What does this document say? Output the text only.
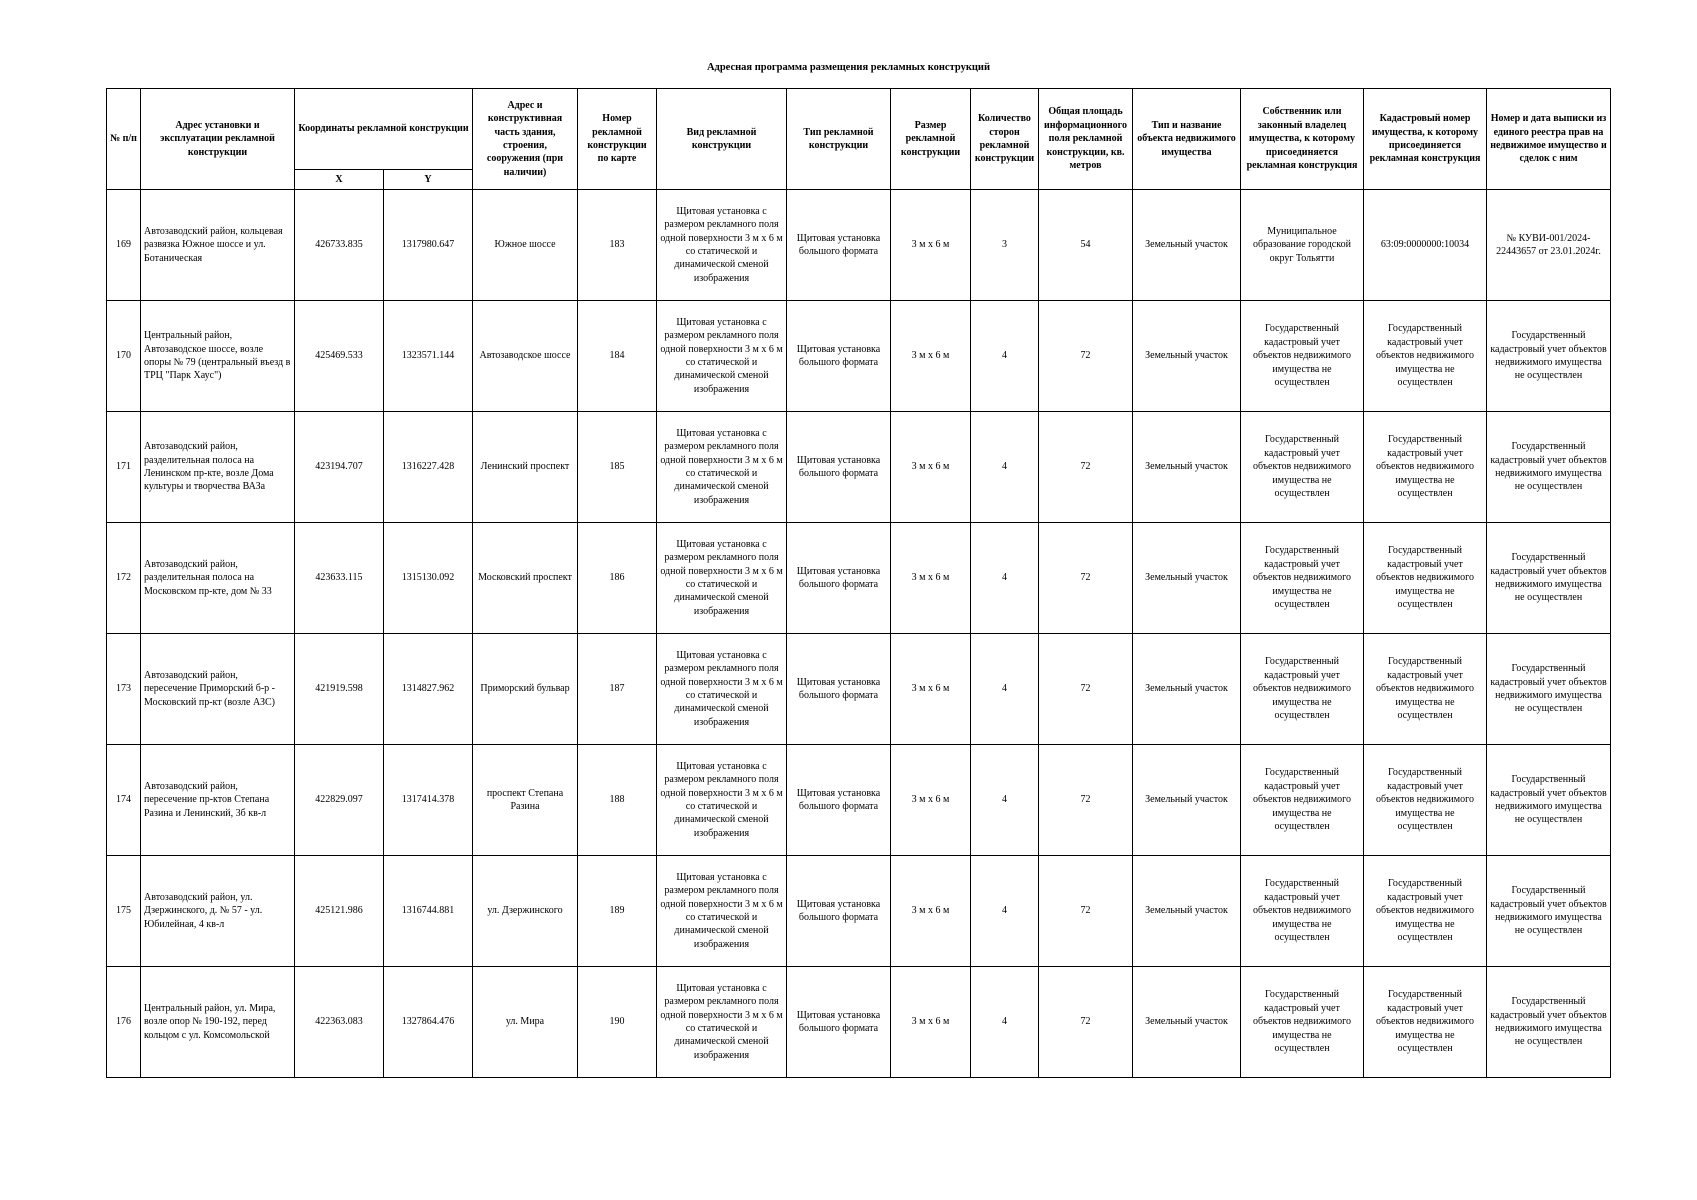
Адресная программа размещения рекламных конструкций
№ п/п	Адрес установки и эксплуатации рекламной конструкции	Координаты рекламной конструкции		Адрес и конструктивная часть здания, строения, сооружения (при наличии)	Номер рекламной конструкции по карте	Вид рекламной конструкции	Тип рекламной конструкции	Размер рекламной конструкции	Количество сторон рекламной конструкции	Общая площадь информационного поля рекламной конструкции, кв. метров	Тип и название объекта недвижимого имущества	Собственник или законный владелец имущества, к которому присоединяется рекламная конструкция	Кадастровый номер имущества, к которому присоединяется рекламная конструкция	Номер и дата выписки из единого реестра прав на недвижимое имущество и сделок с ним
		X	Y											
169	Автозаводский район, кольцевая развязка Южное шоссе и ул. Ботаническая	426733.835	1317980.647	Южное шоссе	183	Щитовая установка с размером рекламного поля одной поверхности 3 м х 6 м со статической и динамической сменой изображения	Щитовая установка большого формата	3 м х 6 м	3	54	Земельный участок	Муниципальное образование городской округ Тольятти	63:09:0000000:10034	№ КУВИ-001/2024-22443657 от 23.01.2024г.
170	Центральный район, Автозаводское шоссе, возле опоры № 79 (центральный въезд в ТРЦ "Парк Хаус")	425469.533	1323571.144	Автозаводское шоссе	184	Щитовая установка с размером рекламного поля одной поверхности 3 м х 6 м со статической и динамической сменой изображения	Щитовая установка большого формата	3 м х 6 м	4	72	Земельный участок	Государственный кадастровый учет объектов недвижимого имущества не осуществлен	Государственный кадастровый учет объектов недвижимого имущества не осуществлен	Государственный кадастровый учет объектов недвижимого имущества не осуществлен
171	Автозаводский район, разделительная полоса на Ленинском пр-кте, возле Дома культуры и творчества ВАЗа	423194.707	1316227.428	Ленинский проспект	185	Щитовая установка с размером рекламного поля одной поверхности 3 м х 6 м со статической и динамической сменой изображения	Щитовая установка большого формата	3 м х 6 м	4	72	Земельный участок	Государственный кадастровый учет объектов недвижимого имущества не осуществлен	Государственный кадастровый учет объектов недвижимого имущества не осуществлен	Государственный кадастровый учет объектов недвижимого имущества не осуществлен
172	Автозаводский район, разделительная полоса на Московском пр-кте, дом № 33	423633.115	1315130.092	Московский проспект	186	Щитовая установка с размером рекламного поля одной поверхности 3 м х 6 м со статической и динамической сменой изображения	Щитовая установка большого формата	3 м х 6 м	4	72	Земельный участок	Государственный кадастровый учет объектов недвижимого имущества не осуществлен	Государственный кадастровый учет объектов недвижимого имущества не осуществлен	Государственный кадастровый учет объектов недвижимого имущества не осуществлен
173	Автозаводский район, пересечение Приморский б-р - Московский пр-кт (возле АЗС)	421919.598	1314827.962	Приморский бульвар	187	Щитовая установка с размером рекламного поля одной поверхности 3 м х 6 м со статической и динамической сменой изображения	Щитовая установка большого формата	3 м х 6 м	4	72	Земельный участок	Государственный кадастровый учет объектов недвижимого имущества не осуществлен	Государственный кадастровый учет объектов недвижимого имущества не осуществлен	Государственный кадастровый учет объектов недвижимого имущества не осуществлен
174	Автозаводский район, пересечение пр-ктов Степана Разина и Ленинский, 3б кв-л	422829.097	1317414.378	проспект Степана Разина	188	Щитовая установка с размером рекламного поля одной поверхности 3 м х 6 м со статической и динамической сменой изображения	Щитовая установка большого формата	3 м х 6 м	4	72	Земельный участок	Государственный кадастровый учет объектов недвижимого имущества не осуществлен	Государственный кадастровый учет объектов недвижимого имущества не осуществлен	Государственный кадастровый учет объектов недвижимого имущества не осуществлен
175	Автозаводский район, ул. Дзержинского, д. № 57 - ул. Юбилейная, 4 кв-л	425121.986	1316744.881	ул. Дзержинского	189	Щитовая установка с размером рекламного поля одной поверхности 3 м х 6 м со статической и динамической сменой изображения	Щитовая установка большого формата	3 м х 6 м	4	72	Земельный участок	Государственный кадастровый учет объектов недвижимого имущества не осуществлен	Государственный кадастровый учет объектов недвижимого имущества не осуществлен	Государственный кадастровый учет объектов недвижимого имущества не осуществлен
176	Центральный район, ул. Мира, возле опор № 190-192, перед кольцом с ул. Комсомольской	422363.083	1327864.476	ул. Мира	190	Щитовая установка с размером рекламного поля одной поверхности 3 м х 6 м со статической и динамической сменой изображения	Щитовая установка большого формата	3 м х 6 м	4	72	Земельный участок	Государственный кадастровый учет объектов недвижимого имущества не осуществлен	Государственный кадастровый учет объектов недвижимого имущества не осуществлен	Государственный кадастровый учет объектов недвижимого имущества не осуществлен
